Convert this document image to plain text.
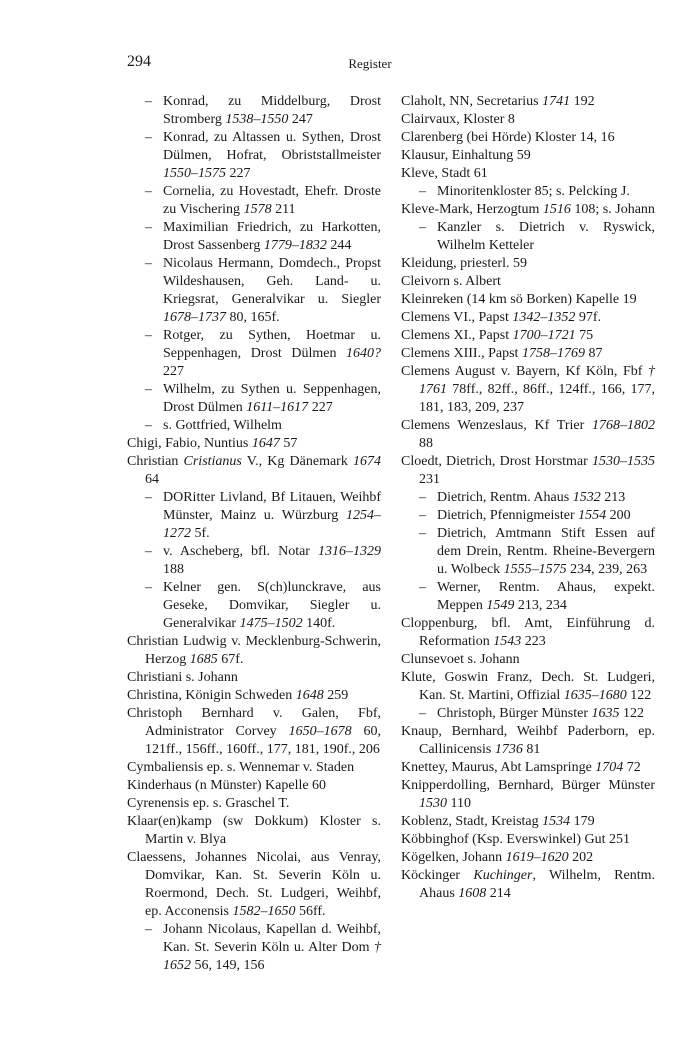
294	Register

– Konrad, zu Middelburg, Drost Stromberg 1538–1550 247

– Konrad, zu Altassen u. Sythen, Drost Dülmen, Hofrat, Obriststallmeister 1550–1575 227

– Cornelia, zu Hovestadt, Ehefr. Droste zu Vischering 1578 211

– Maximilian Friedrich, zu Harkotten, Drost Sassenberg 1779–1832 244

– Nicolaus Hermann, Domdech., Propst Wildeshausen, Geh. Land- u. Kriegsrat, Generalvikar u. Siegler 1678–1737 80, 165f.

– Rotger, zu Sythen, Hoetmar u. Seppenhagen, Drost Dülmen 1640? 227

– Wilhelm, zu Sythen u. Seppenhagen, Drost Dülmen 1611–1617 227

– s. Gottfried, Wilhelm

Chigi, Fabio, Nuntius 1647 57

Christian Cristianus V., Kg Dänemark 1674 64

– DORitter Livland, Bf Litauen, Weihbf Münster, Mainz u. Würzburg 1254–1272 5f.

– v. Ascheberg, bfl. Notar 1316–1329 188

– Kelner gen. S(ch)lunckrave, aus Geseke, Domvikar, Siegler u. Generalvikar 1475–1502 140f.

Christian Ludwig v. Mecklenburg-Schwerin, Herzog 1685 67f.

Christiani s. Johann

Christina, Königin Schweden 1648 259

Christoph Bernhard v. Galen, Fbf, Administrator Corvey 1650–1678 60, 121ff., 156ff., 160ff., 177, 181, 190f., 206

Cymbaliensis ep. s. Wennemar v. Staden

Kinderhaus (n Münster) Kapelle 60

Cyrenensis ep. s. Graschel T.

Klaar(en)kamp (sw Dokkum) Kloster s. Martin v. Blya

Claessens, Johannes Nicolai, aus Venray, Domvikar, Kan. St. Severin Köln u. Roermond, Dech. St. Ludgeri, Weihbf, ep. Acconensis 1582–1650 56ff.

– Johann Nicolaus, Kapellan d. Weihbf, Kan. St. Severin Köln u. Alter Dom † 1652 56, 149, 156

Claholt, NN, Secretarius 1741 192

Clairvaux, Kloster 8

Clarenberg (bei Hörde) Kloster 14, 16

Klausur, Einhaltung 59

Kleve, Stadt 61

– Minoritenkloster 85; s. Pelcking J.

Kleve-Mark, Herzogtum 1516 108; s. Johann

– Kanzler s. Dietrich v. Ryswick, Wilhelm Ketteler

Kleidung, priesterl. 59

Cleivorn s. Albert

Kleinreken (14 km sö Borken) Kapelle 19

Clemens VI., Papst 1342–1352 97f.

Clemens XI., Papst 1700–1721 75

Clemens XIII., Papst 1758–1769 87

Clemens August v. Bayern, Kf Köln, Fbf † 1761 78ff., 82ff., 86ff., 124ff., 166, 177, 181, 183, 209, 237

Clemens Wenzeslaus, Kf Trier 1768–1802 88

Cloedt, Dietrich, Drost Horstmar 1530–1535 231

– Dietrich, Rentm. Ahaus 1532 213

– Dietrich, Pfennigmeister 1554 200

– Dietrich, Amtmann Stift Essen auf dem Drein, Rentm. Rheine-Bevergern u. Wolbeck 1555–1575 234, 239, 263

– Werner, Rentm. Ahaus, expekt. Meppen 1549 213, 234

Cloppenburg, bfl. Amt, Einführung d. Reformation 1543 223

Clunsevoet s. Johann

Klute, Goswin Franz, Dech. St. Ludgeri, Kan. St. Martini, Offizial 1635–1680 122

– Christoph, Bürger Münster 1635 122

Knaup, Bernhard, Weihbf Paderborn, ep. Callinicensis 1736 81

Knettey, Maurus, Abt Lamspringe 1704 72

Knipperdolling, Bernhard, Bürger Münster 1530 110

Koblenz, Stadt, Kreistag 1534 179

Köbbinghof (Ksp. Everswinkel) Gut 251

Kögelken, Johann 1619–1620 202

Köckinger Kuchinger, Wilhelm, Rentm. Ahaus 1608 214
